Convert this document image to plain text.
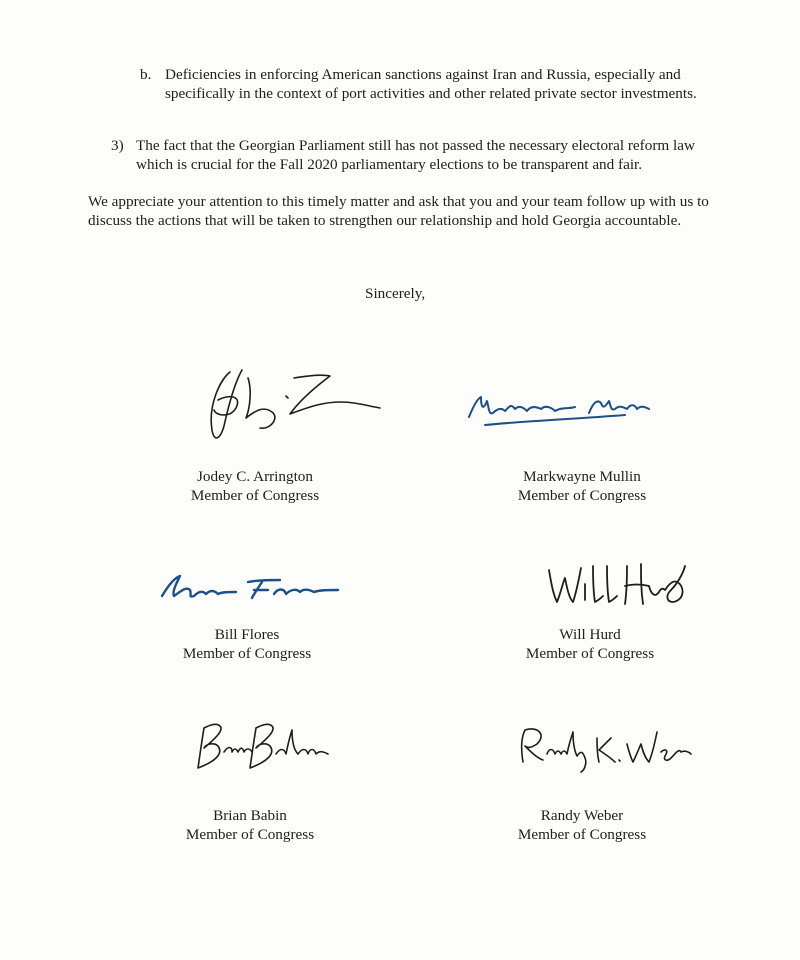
b. Deficiencies in enforcing American sanctions against Iran and Russia, especially and specifically in the context of port activities and other related private sector investments.
3) The fact that the Georgian Parliament still has not passed the necessary electoral reform law which is crucial for the Fall 2020 parliamentary elections to be transparent and fair.

We appreciate your attention to this timely matter and ask that you and your team follow up with us to discuss the actions that will be taken to strengthen our relationship and hold Georgia accountable.

Sincerely,
Jodey C. Arrington
Member of Congress
Markwayne Mullin
Member of Congress
Bill Flores
Member of Congress
Will Hurd
Member of Congress
Brian Babin
Member of Congress
Randy Weber
Member of Congress
